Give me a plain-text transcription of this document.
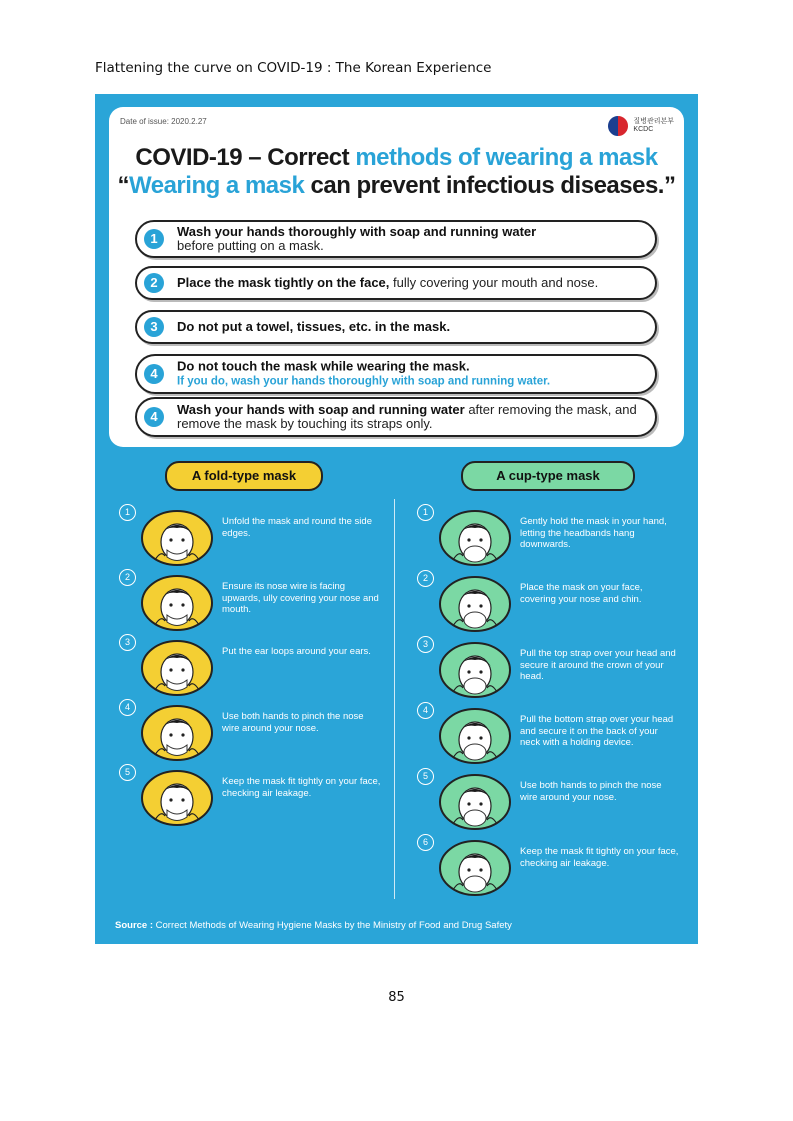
Flattening the curve on COVID-19 : The Korean Experience
Date of issue: 2020.2.27	질병관리본부
KCDC
COVID-19 – Correct methods of wearing a mask
“Wearing a mask can prevent infectious diseases.”
1	Wash your hands thoroughly with soap and running water
before putting on a mask.
2	Place the mask tightly on the face, fully covering your mouth and nose.
3	Do not put a towel, tissues, etc. in the mask.
4	Do not touch the mask while wearing the mask.
If you do, wash your hands thoroughly with soap and running water.
4	Wash your hands with soap and running water after removing the mask, and remove the mask by touching its straps only.
A fold-type mask	A cup-type mask
1
Unfold the mask and round the side edges.
2
Ensure its nose wire is facing upwards, ully covering your nose and mouth.
3
Put the ear loops around your ears.
4
Use both hands to pinch the nose wire around your nose.
5
Keep the mask fit tightly on your face, checking air leakage.
1
Gently hold the mask in your hand, letting the headbands hang downwards.
2
Place the mask on your face, covering your nose and chin.
3
Pull the top strap over your head and secure it around the crown of your head.
4
Pull the bottom strap over your head and secure it on the back of your neck with a holding device.
5
Use both hands to pinch the nose wire around your nose.
6
Keep the mask fit tightly on your face, checking air leakage.
Source : Correct Methods of Wearing Hygiene Masks by the Ministry of Food and Drug Safety
85
